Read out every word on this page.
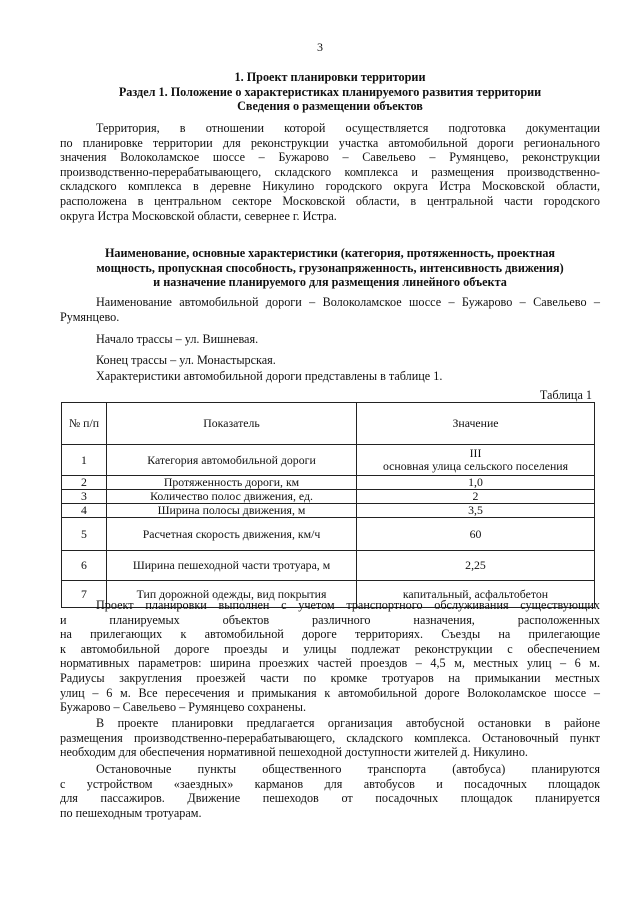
3
1. Проект планировки территории
Раздел 1. Положение о характеристиках планируемого развития территории
Сведения о размещении объектов
Территория, в отношении которой осуществляется подготовка документации
по планировке территории для реконструкции участка автомобильной дороги регионального
значения Волоколамское шоссе – Бужарово – Савельево – Румянцево, реконструкции
производственно-перерабатывающего, складского комплекса и размещения производственно-
складского комплекса в деревне Никулино городского округа Истра Московской области,
расположена в центральном секторе Московской области, в центральной части городского
округа Истра Московской области, севернее г. Истра.
Наименование, основные характеристики (категория, протяженность, проектная
мощность, пропускная способность, грузонапряженность, интенсивность движения)
и назначение планируемого для размещения линейного объекта
Наименование автомобильной дороги – Волоколамское шоссе – Бужарово – Савельево –
Румянцево.
Начало трассы – ул. Вишневая.
Конец трассы – ул. Монастырская.
Характеристики автомобильной дороги представлены в таблице 1.
Таблица 1
№ п/п	Показатель	Значение
1	Категория автомобильной дороги	III
основная улица сельского поселения

2	Протяженность дороги, км	1,0
3	Количество полос движения, ед.	2
4	Ширина полосы движения, м	3,5
5	Расчетная скорость движения, км/ч	60
6	Ширина пешеходной части тротуара, м	2,25
7	Тип дорожной одежды, вид покрытия	капитальный, асфальтобетон
Проект планировки выполнен с учетом транспортного обслуживания существующих
и планируемых объектов различного назначения, расположенных
на прилегающих к автомобильной дороге территориях. Съезды на прилегающие
к автомобильной дороге проезды и улицы подлежат реконструкции с обеспечением
нормативных параметров: ширина проезжих частей проездов – 4,5 м, местных улиц – 6 м.
Радиусы закругления проезжей части по кромке тротуаров на примыкании местных
улиц – 6 м. Все пересечения и примыкания к автомобильной дороге Волоколамское шоссе –
Бужарово – Савельево – Румянцево сохранены.
В проекте планировки предлагается организация автобусной остановки в районе
размещения производственно-перерабатывающего, складского комплекса. Остановочный пункт
необходим для обеспечения нормативной пешеходной доступности жителей д. Никулино.
Остановочные пункты общественного транспорта (автобуса) планируются
с устройством «заездных» карманов для автобусов и посадочных площадок
для пассажиров. Движение пешеходов от посадочных площадок планируется
по пешеходным тротуарам.
